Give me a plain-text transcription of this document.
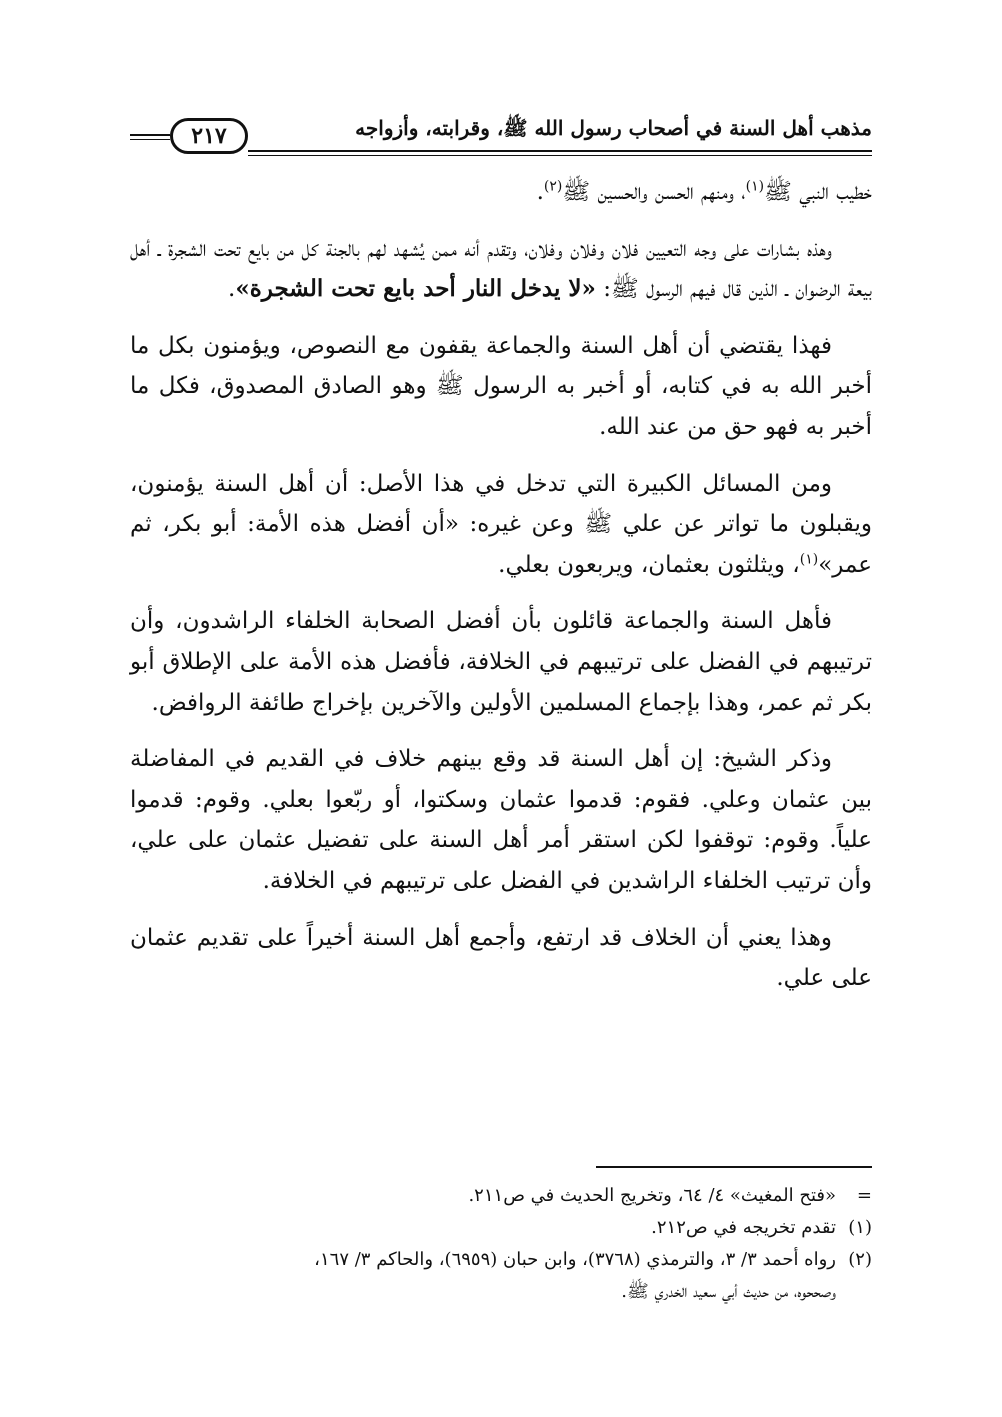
مذهب أهل السنة في أصحاب رسول الله ﷺ، وقرابته، وأزواجه
٢١٧

خطيب النبي ﷺ$^{(١)}$، ومنهم الحسن والحسين ﷺ$^{(٢)}$.

وهذه بشارات على وجه التعيين فلان وفلان وفلان، وتقدم أنه ممن يُشهد لهم بالجنة كل من بايع تحت الشجرة ـ أهل بيعة الرضوان ـ الذين قال فيهم الرسول ﷺ: «لا يدخل النار أحد بايع تحت الشجرة».

فهذا يقتضي أن أهل السنة والجماعة يقفون مع النصوص، ويؤمنون بكل ما أخبر الله به في كتابه، أو أخبر به الرسول ﷺ وهو الصادق المصدوق، فكل ما أخبر به فهو حق من عند الله.

ومن المسائل الكبيرة التي تدخل في هذا الأصل: أن أهل السنة يؤمنون، ويقبلون ما تواتر عن علي ﷺ وعن غيره: «أن أفضل هذه الأمة: أبو بكر، ثم عمر»$^{(١)}$، ويثلثون بعثمان، ويربعون بعلي.

فأهل السنة والجماعة قائلون بأن أفضل الصحابة الخلفاء الراشدون، وأن ترتيبهم في الفضل على ترتيبهم في الخلافة، فأفضل هذه الأمة على الإطلاق أبو بكر ثم عمر، وهذا بإجماع المسلمين الأولين والآخرين بإخراج طائفة الروافض.

وذكر الشيخ: إن أهل السنة قد وقع بينهم خلاف في القديم في المفاضلة بين عثمان وعلي. فقوم: قدموا عثمان وسكتوا، أو ربّعوا بعلي. وقوم: قدموا علياً. وقوم: توقفوا لكن استقر أمر أهل السنة على تفضيل عثمان على علي، وأن ترتيب الخلفاء الراشدين في الفضل على ترتيبهم في الخلافة.

وهذا يعني أن الخلاف قد ارتفع، وأجمع أهل السنة أخيراً على تقديم عثمان على علي.

=«فتح المغيث» ٤/ ٦٤، وتخريج الحديث في ص٢١١.

(١)تقدم تخريجه في ص٢١٢.

(٢)رواه أحمد ٣/ ٣، والترمذي (٣٧٦٨)، وابن حبان (٦٩٥٩)، والحاكم ٣/ ١٦٧،

وصححوه، من حديث أبي سعيد الخدري ﷺ.
